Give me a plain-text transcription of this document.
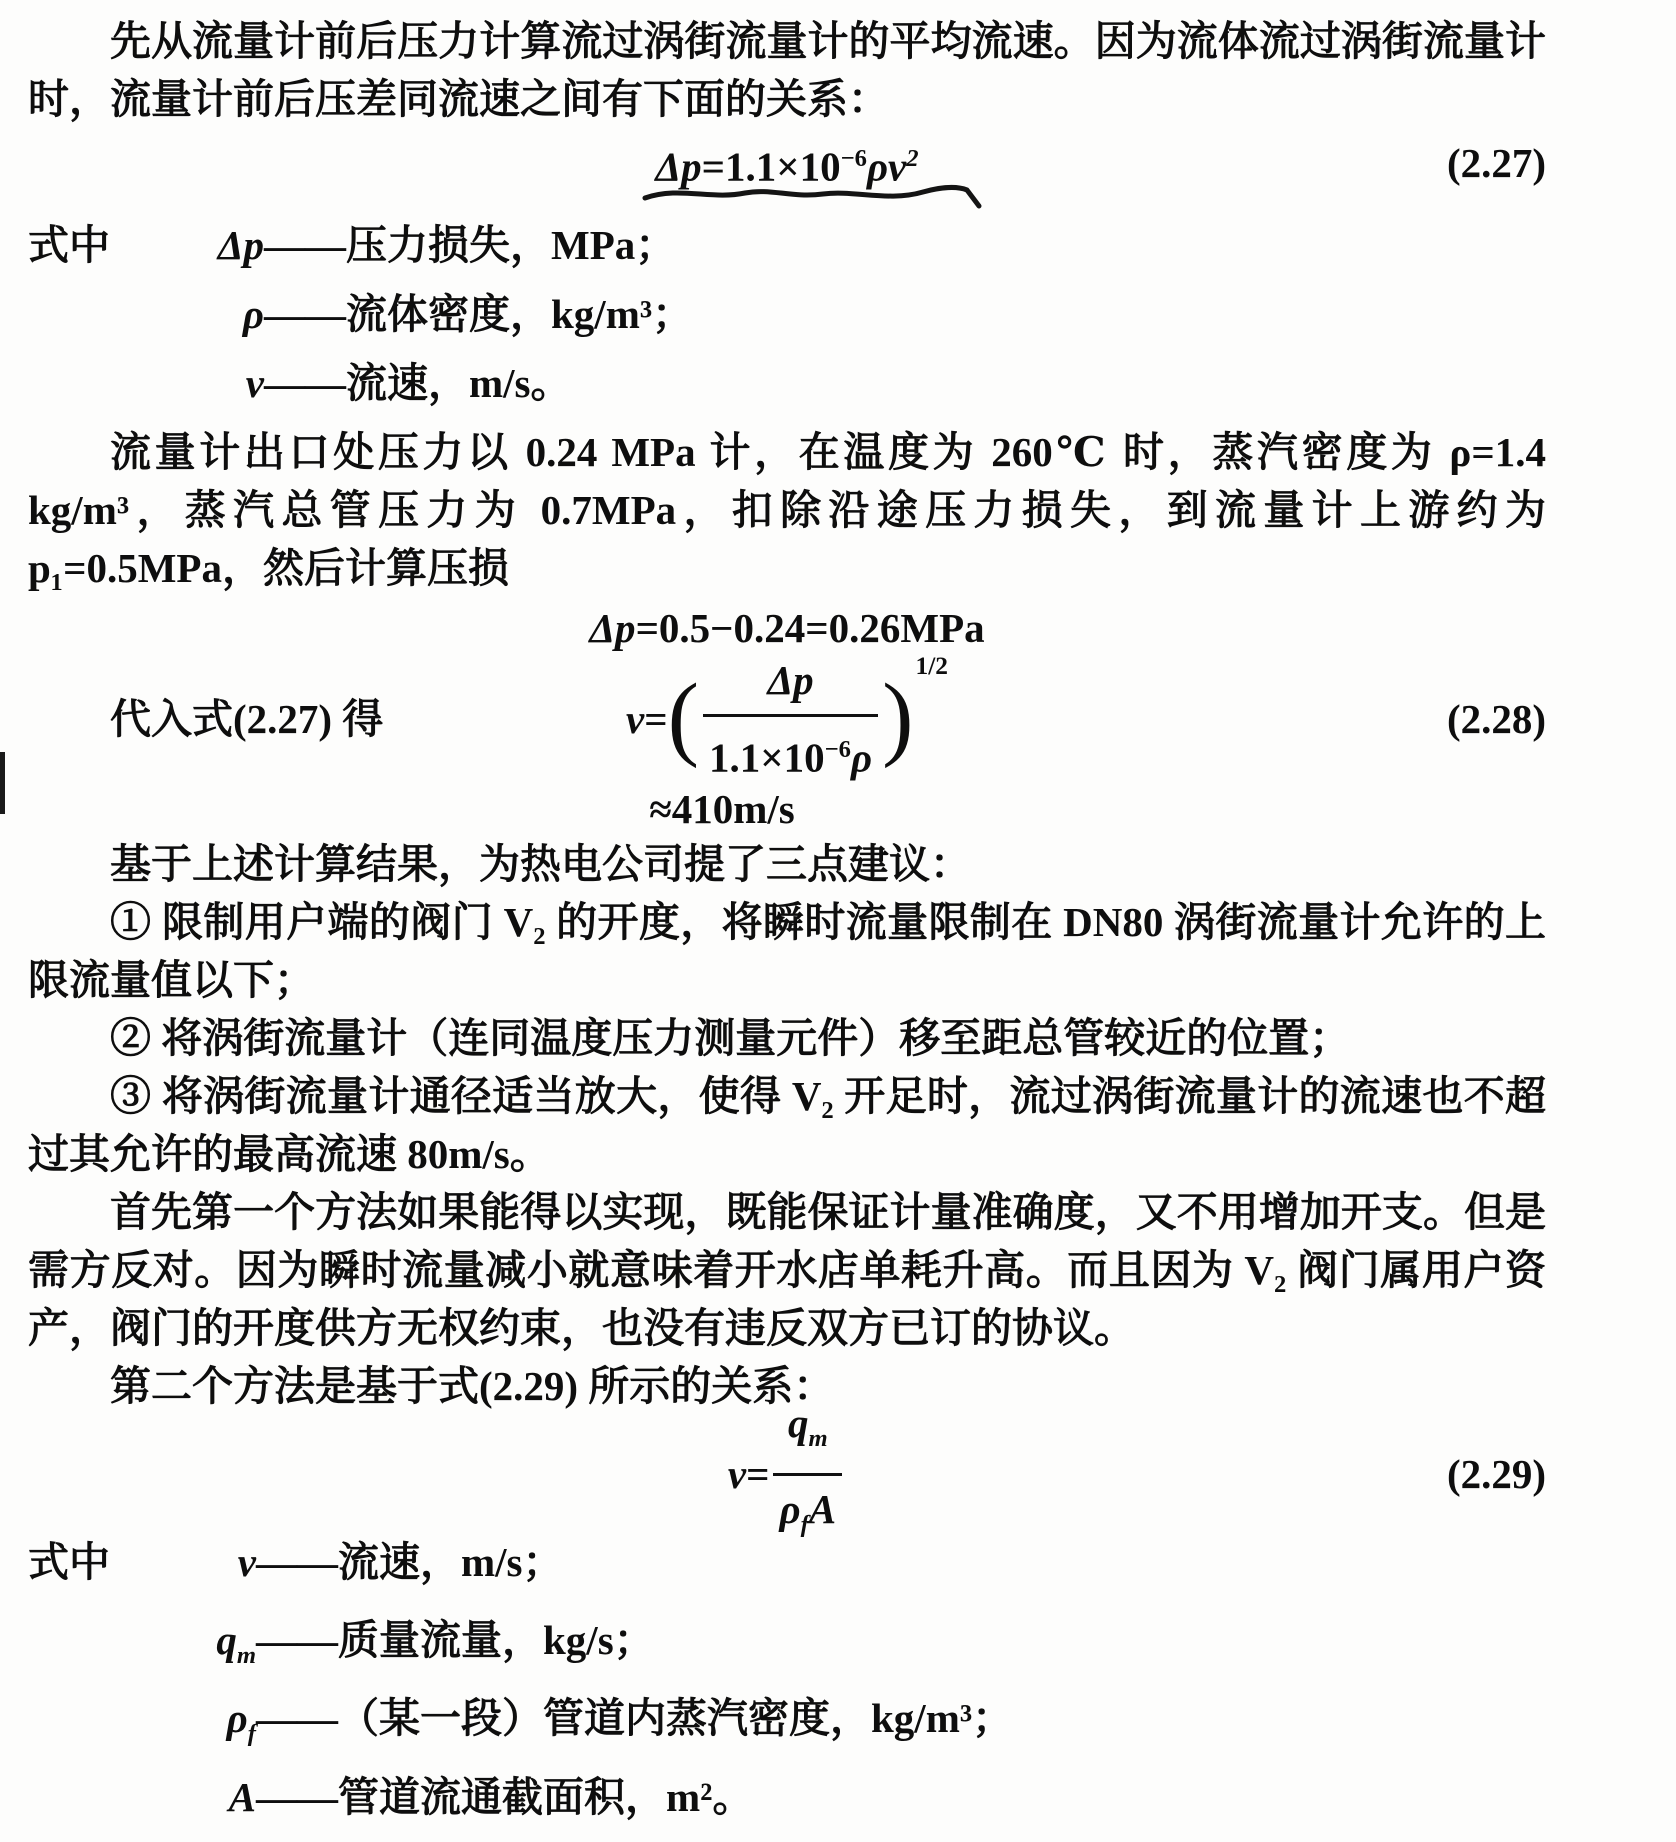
先从流量计前后压力计算流过涡街流量计的平均流速。因为流体流过涡街流量计时，流量计前后压差同流速之间有下面的关系：

$\Delta p=1.1\times 10^{-6}\rho v^2$	(2.27)
式中	Δp ——压力损失，MPa；
ρ ——流体密度，kg/m³；
v ——流速，m/s。

流量计出口处压力以 0.24 MPa 计，在温度为 260℃ 时，蒸汽密度为 ρ=1.4 kg/m³，蒸汽总管压力为 0.7MPa，扣除沿途压力损失，到流量计上游约为 p₁=0.5MPa，然后计算压损

Δp=0.5−0.24=0.26MPa
代入式(2.27) 得	v = ( $\frac{\Delta p}{1.1\times 10^{-6}\rho}$ ) 1/2
(2.28)
≈410m/s

基于上述计算结果，为热电公司提了三点建议：

① 限制用户端的阀门 V₂ 的开度，将瞬时流量限制在 DN80 涡街流量计允许的上限流量值以下；

② 将涡街流量计（连同温度压力测量元件）移至距总管较近的位置；

③ 将涡街流量计通径适当放大，使得 V₂ 开足时，流过涡街流量计的流速也不超过其允许的最高流速 80m/s。

首先第一个方法如果能得以实现，既能保证计量准确度，又不用增加开支。但是需方反对。因为瞬时流量减小就意味着开水店单耗升高。而且因为 V₂ 阀门属用户资产，阀门的开度供方无权约束，也没有违反双方已订的协议。

第二个方法是基于式(2.29) 所示的关系：

$v = \frac{q_m}{\rho_fA}$	(2.29)
式中	v ——流速，m/s；
$q_m$ ——质量流量，kg/s；
$\rho_f$ ——（某一段）管道内蒸汽密度，kg/m³；
A ——管道流通截面积，m²。
